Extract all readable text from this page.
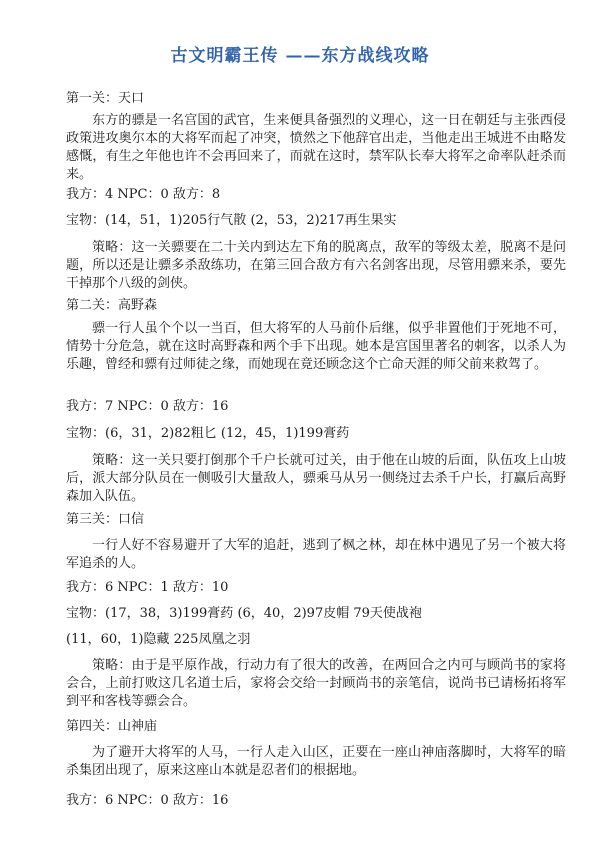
古文明霸王传 ——东方战线攻略
第一关：天口
东方的骠是一名宫国的武官，生来便具备强烈的义理心，这一日在朝廷与主张西侵政策进攻奥尔本的大将军而起了冲突，愤然之下他辞官出走，当他走出王城进不由略发感慨，有生之年他也许不会再回来了，而就在这时，禁军队长奉大将军之命率队赶杀而来。
我方：4 NPC：0 敌方：8
宝物：(14，51，1)205行气散 (2，53，2)217再生果实
策略：这一关骠要在二十关内到达左下角的脱离点，敌军的等级太差，脱离不是问题，所以还是让骠多杀敌练功，在第三回合敌方有六名剑客出现，尽管用骠来杀，要先干掉那个八级的剑侠。
第二关：高野森
骠一行人虽个个以一当百，但大将军的人马前仆后继，似乎非置他们于死地不可，情势十分危急，就在这时高野森和两个手下出现。她本是宫国里著名的刺客，以杀人为乐趣，曾经和骠有过师徒之缘，而她现在竟还顾念这个亡命天涯的师父前来救驾了。
我方：7 NPC：0 敌方：16
宝物：(6，31，2)82粗匕 (12，45，1)199膏药
策略：这一关只要打倒那个千户长就可过关，由于他在山坡的后面，队伍攻上山坡后，派大部分队员在一侧吸引大量敌人，骠乘马从另一侧绕过去杀千户长，打赢后高野森加入队伍。
第三关：口信
一行人好不容易避开了大军的追赶，逃到了枫之林，却在林中遇见了另一个被大将军追杀的人。
我方：6 NPC：1 敌方：10
宝物：(17，38，3)199膏药 (6，40，2)97皮帽 79天使战袍
(11，60，1)隐藏 225凤凰之羽
策略：由于是平原作战，行动力有了很大的改善，在两回合之内可与顾尚书的家将会合，上前打败这几名道士后，家将会交给一封顾尚书的亲笔信，说尚书已请杨拓将军到平和客栈等骠会合。
第四关：山神庙
为了避开大将军的人马，一行人走入山区，正要在一座山神庙落脚时，大将军的暗杀集团出现了，原来这座山本就是忍者们的根据地。
我方：6 NPC：0 敌方：16
